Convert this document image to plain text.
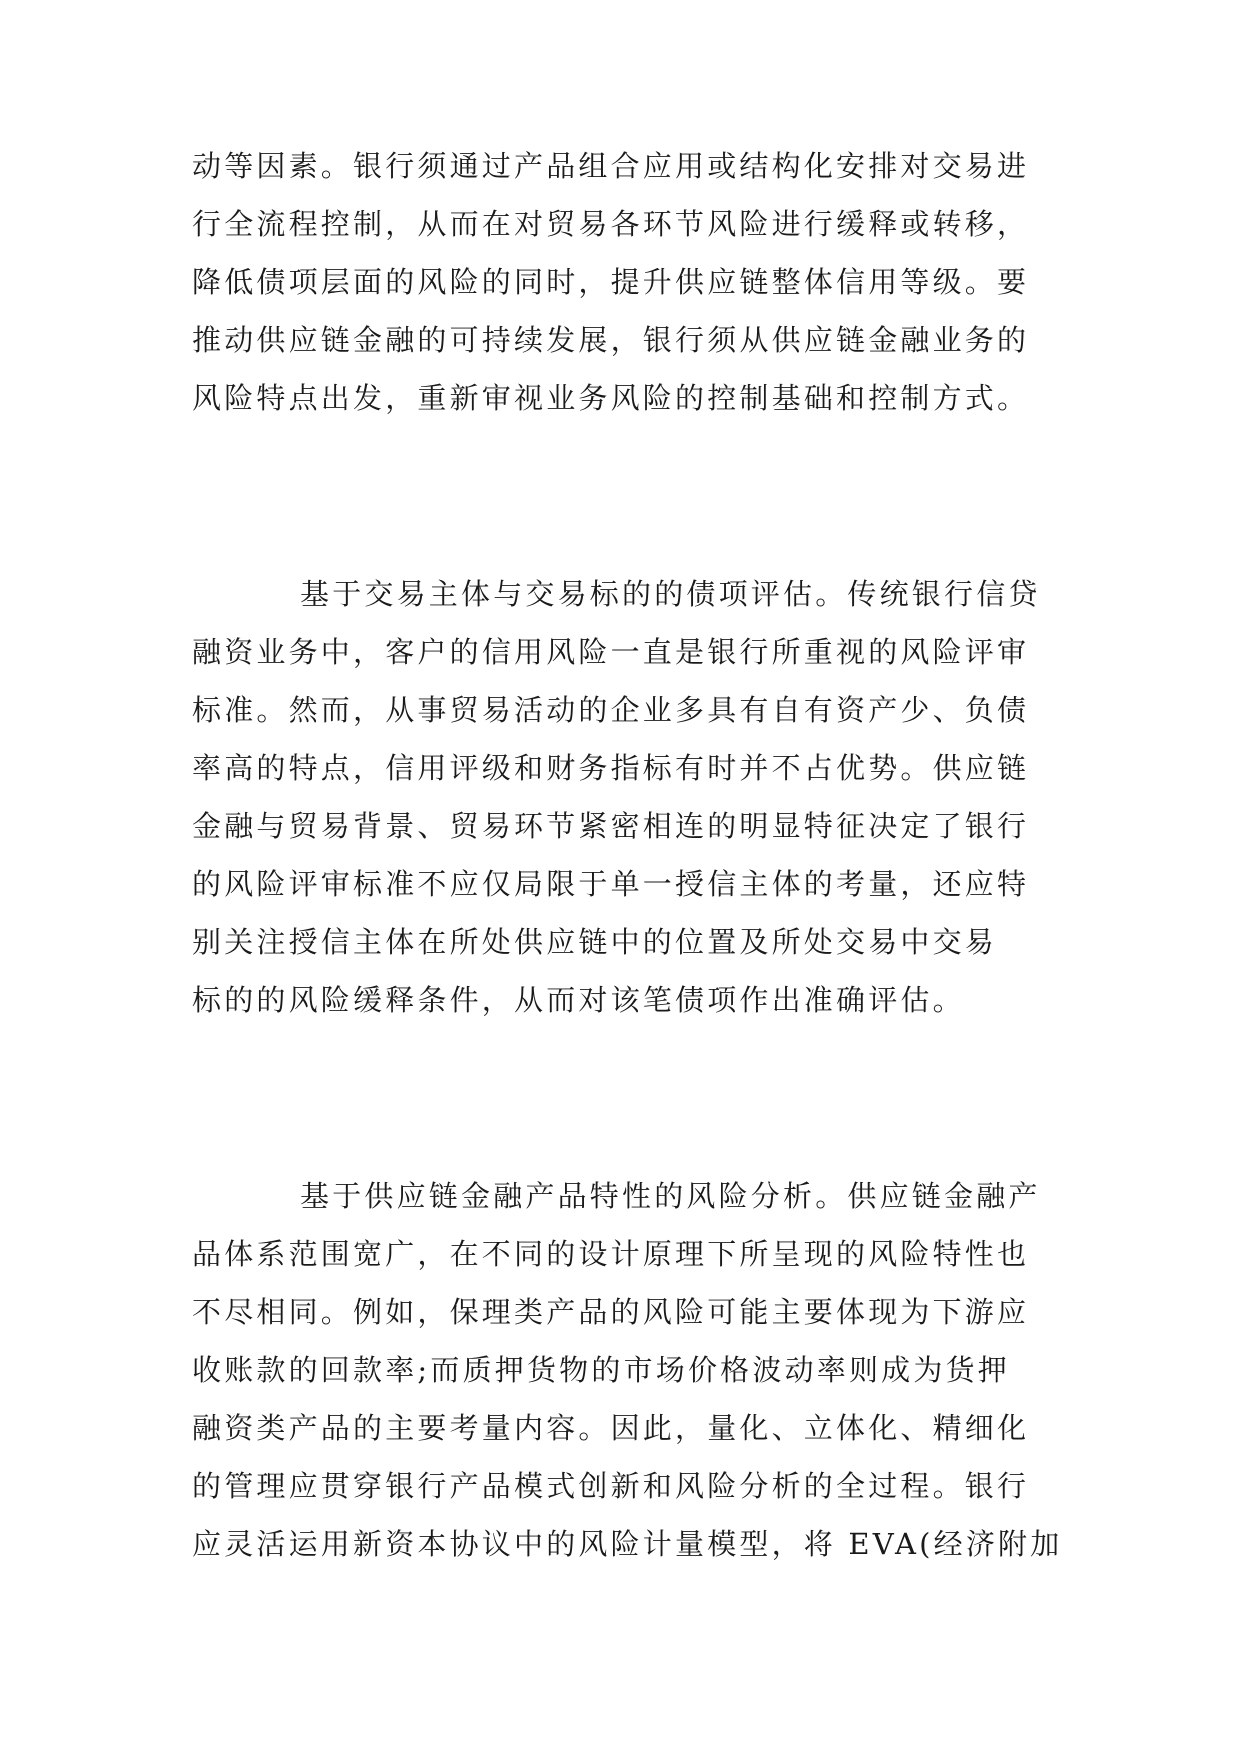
动等因素。银行须通过产品组合应用或结构化安排对交易进
行全流程控制，从而在对贸易各环节风险进行缓释或转移，
降低债项层面的风险的同时，提升供应链整体信用等级。要
推动供应链金融的可持续发展，银行须从供应链金融业务的
风险特点出发，重新审视业务风险的控制基础和控制方式。
基于交易主体与交易标的的债项评估。传统银行信贷
融资业务中，客户的信用风险一直是银行所重视的风险评审
标准。然而，从事贸易活动的企业多具有自有资产少、负债
率高的特点，信用评级和财务指标有时并不占优势。供应链
金融与贸易背景、贸易环节紧密相连的明显特征决定了银行
的风险评审标准不应仅局限于单一授信主体的考量，还应特
别关注授信主体在所处供应链中的位置及所处交易中交易
标的的风险缓释条件，从而对该笔债项作出准确评估。
基于供应链金融产品特性的风险分析。供应链金融产
品体系范围宽广，在不同的设计原理下所呈现的风险特性也
不尽相同。例如，保理类产品的风险可能主要体现为下游应
收账款的回款率;而质押货物的市场价格波动率则成为货押
融资类产品的主要考量内容。因此，量化、立体化、精细化
的管理应贯穿银行产品模式创新和风险分析的全过程。银行
应灵活运用新资本协议中的风险计量模型，将 EVA(经济附加
